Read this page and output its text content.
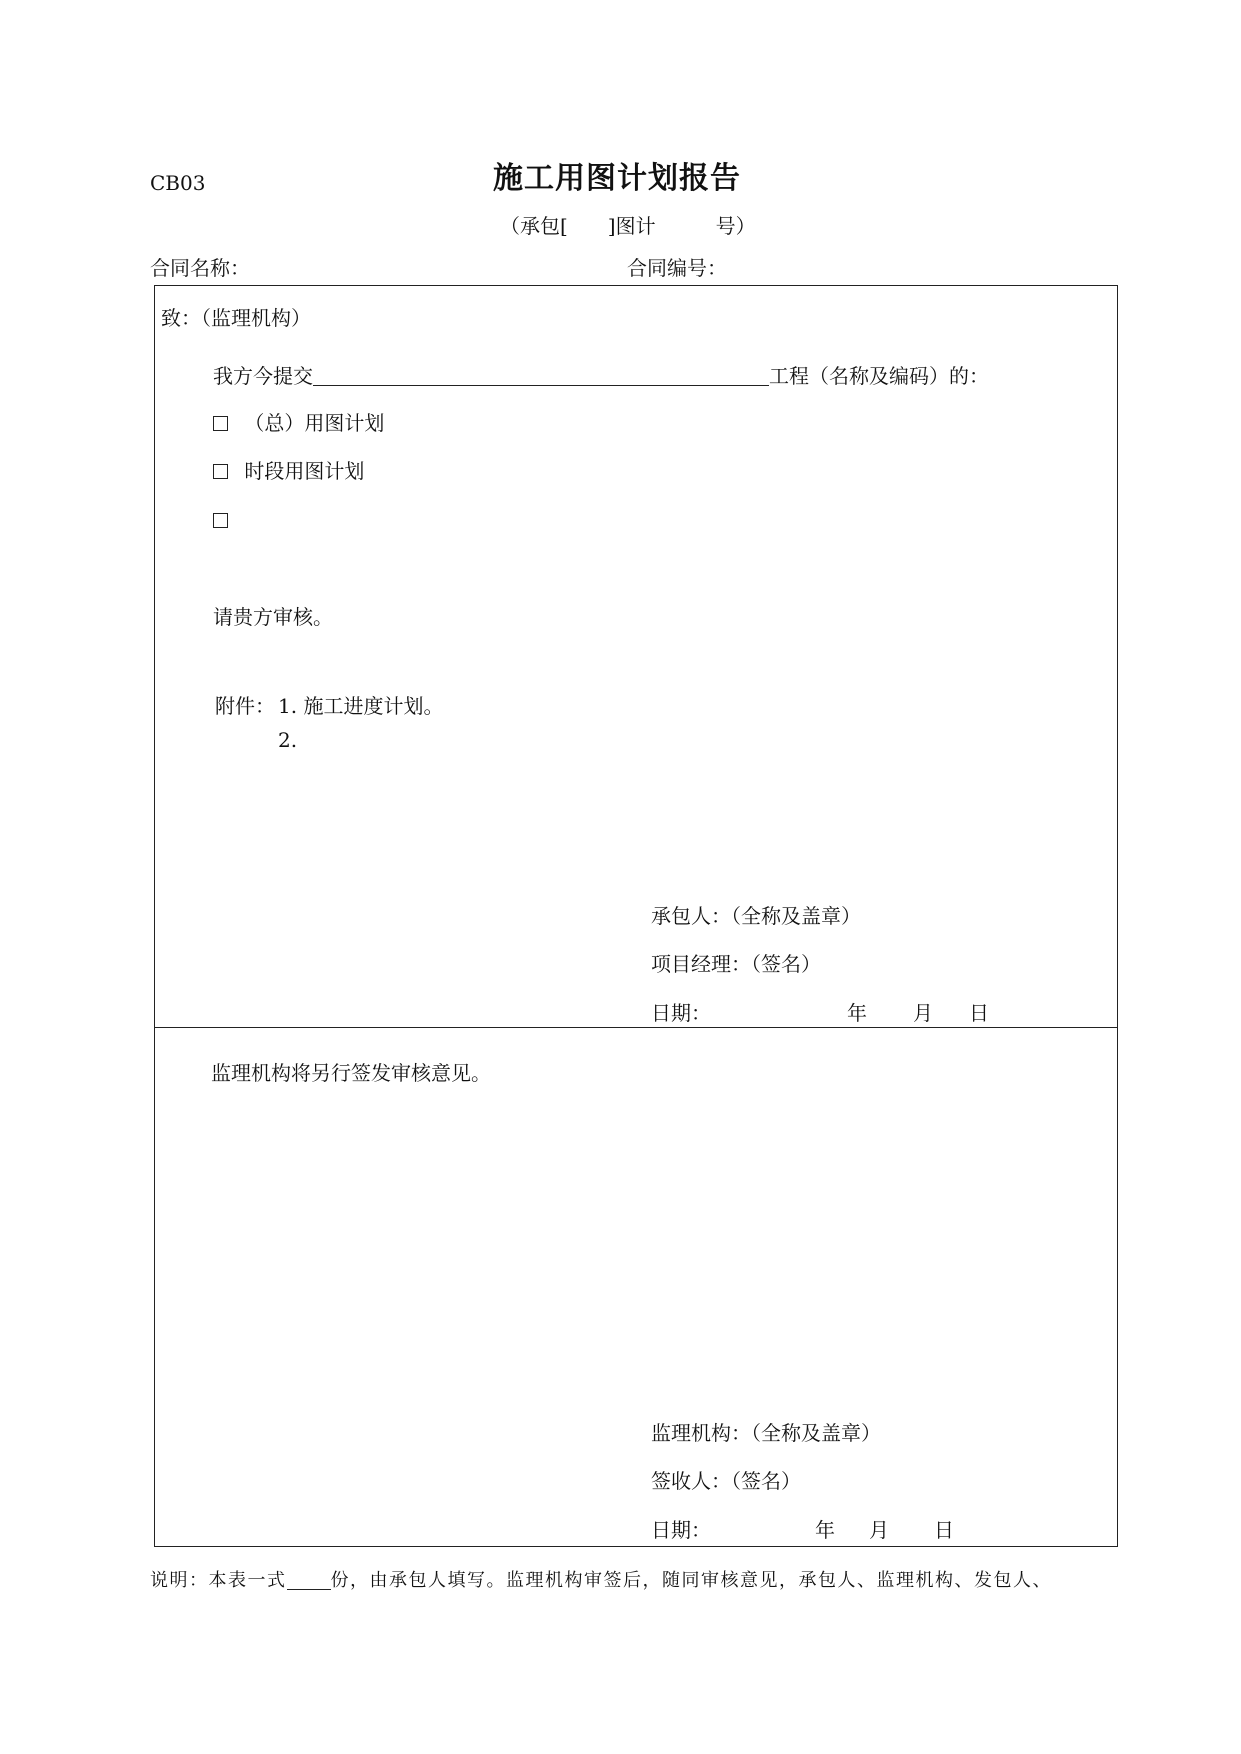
CB03	施工用图计划报告
（承包[　　]图计　　　号）
合同名称：	合同编号：
致：（监理机构）
我方今提交	工程（名称及编码）的：
（总）用图计划
时段用图计划
请贵方审核。
附件： 1. 施工进度计划。
2.
承包人：（全称及盖章）
项目经理：（签名）
日期：	年 月 日
监理机构将另行签发审核意见。
监理机构：（全称及盖章）
签收人：（签名）
日期：	年 月 日
说明：本表一式 份，由承包人填写。监理机构审签后，随同审核意见，承包人、监理机构、发包人、
